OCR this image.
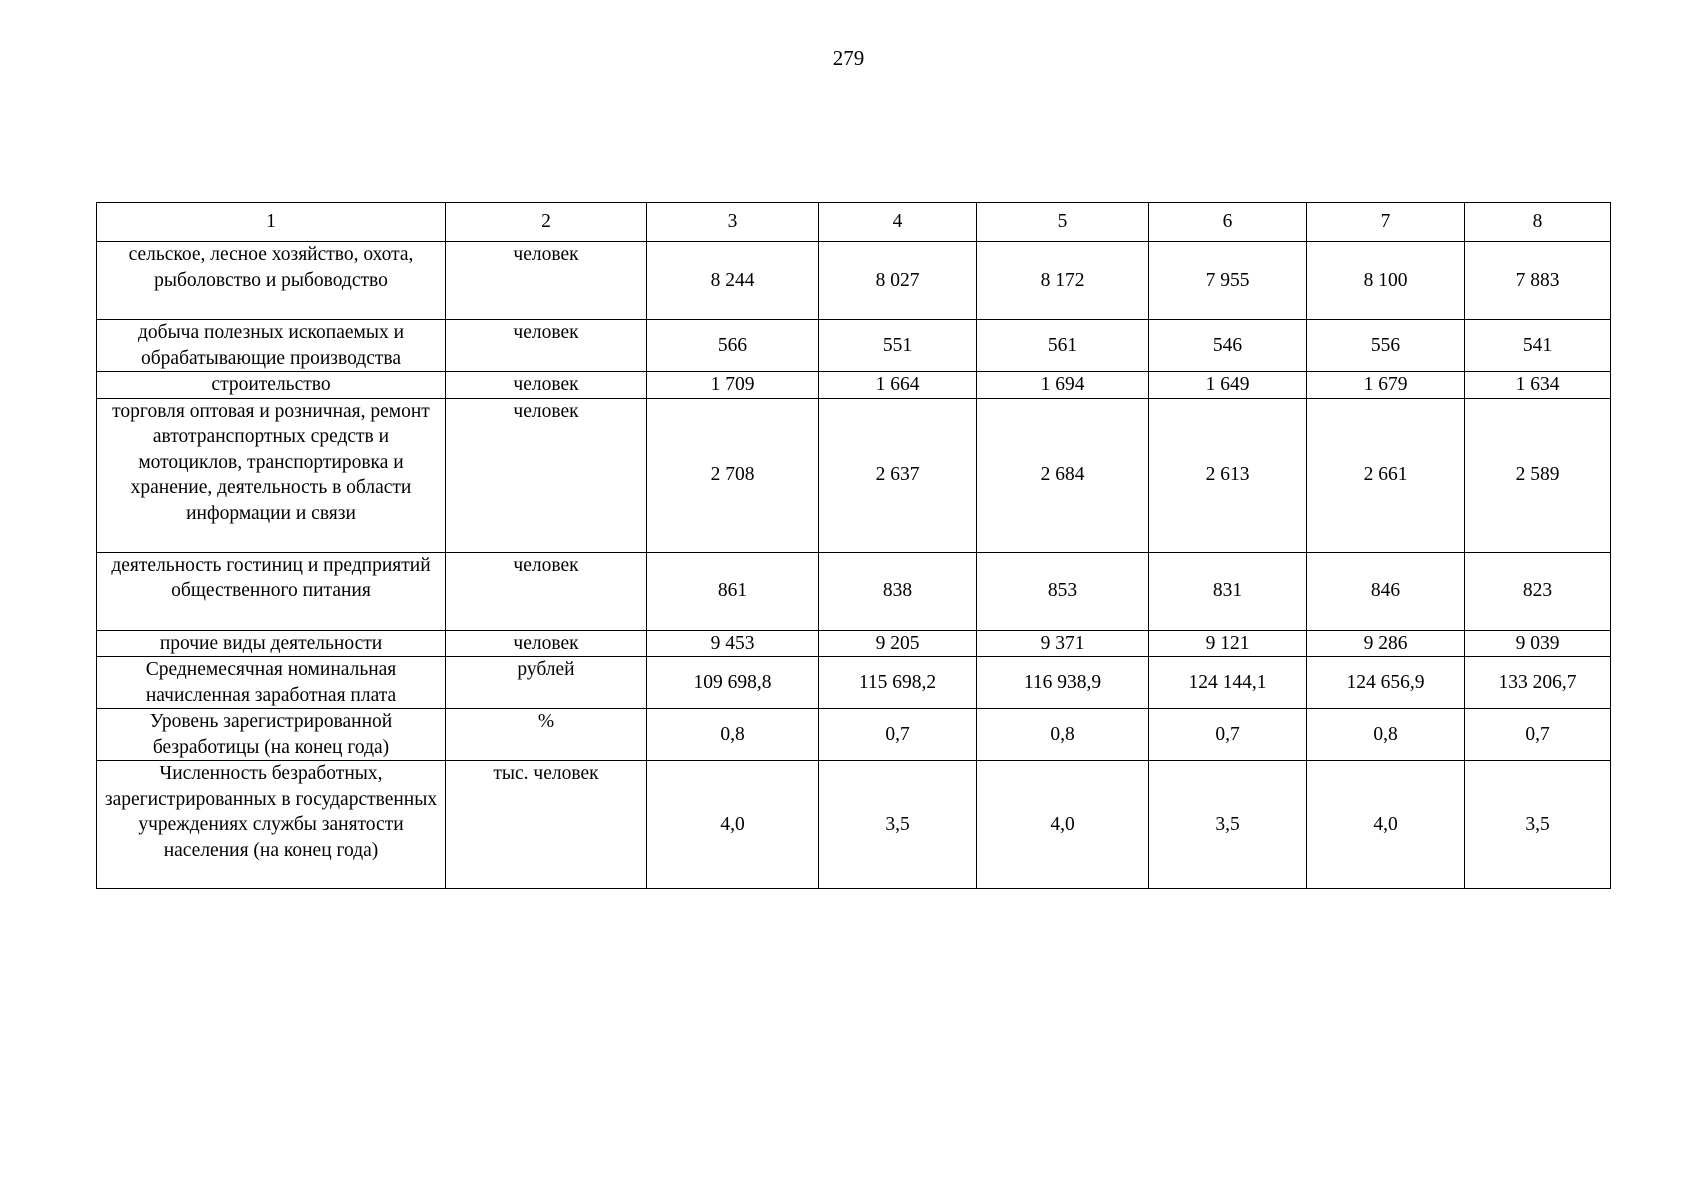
279
1	2	3	4	5	6	7	8
сельское, лесное хозяйство, охота, рыболовство и рыбоводство	человек	8 244	8 027	8 172	7 955	8 100	7 883
добыча полезных ископаемых и обрабатывающие производства	человек	566	551	561	546	556	541
строительство	человек	1 709	1 664	1 694	1 649	1 679	1 634
торговля оптовая и розничная, ремонт автотранспортных средств и мотоциклов, транспортировка и хранение, деятельность в области информации и связи	человек	2 708	2 637	2 684	2 613	2 661	2 589
деятельность гостиниц и предприятий общественного питания	человек	861	838	853	831	846	823
прочие виды деятельности	человек	9 453	9 205	9 371	9 121	9 286	9 039
Среднемесячная номинальная начисленная заработная плата	рублей	109 698,8	115 698,2	116 938,9	124 144,1	124 656,9	133 206,7
Уровень зарегистрированной безработицы (на конец года)	%	0,8	0,7	0,8	0,7	0,8	0,7
Численность безработных, зарегистрированных в государственных учреждениях службы занятости населения (на конец года)	тыс. человек	4,0	3,5	4,0	3,5	4,0	3,5
